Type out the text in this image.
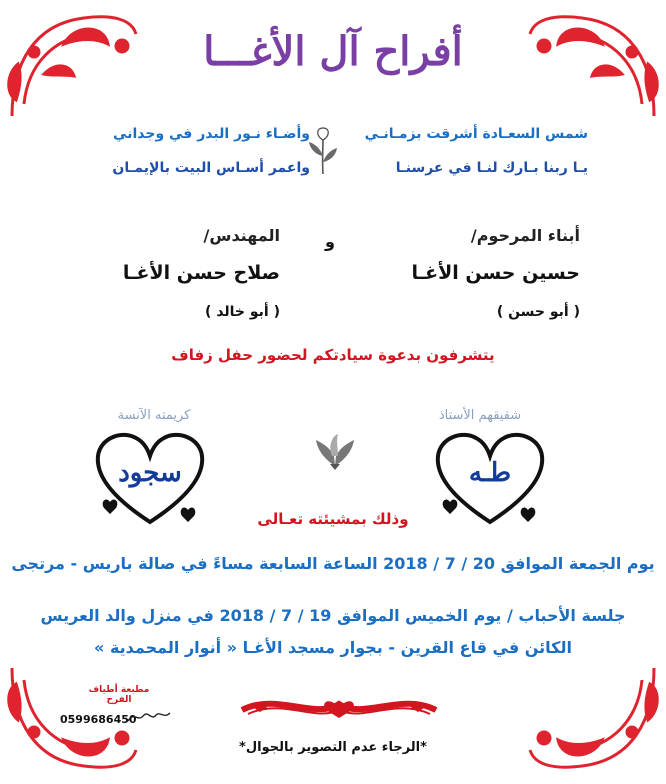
أفراح آل الأغـــا
شمس السعـادة أشرقت بزمـانـي
وأضـاء نـور البدر في وجداني
يـا ربنا بـارك لنـا في عرسنـا
واعمر أسـاس البيت بالإيمـان
أبناء المرحوم/
حسين حسن الأغـا
( أبو حسن )
و
المهندس/
صلاح حسن الأغـا
( أبو خالد )
يتشرفون بدعوة سيادتكم لحضور حفل زفاف
شقيقهم الأستاذ
طـه
كريمته الآنسة
سجود
وذلك بمشيئته تعـالى
يوم الجمعة الموافق 20 / 7 / 2018 الساعة السابعة مساءً في صالة باريس - مرتجى
جلسة الأحباب / يوم الخميس الموافق 19 / 7 / 2018 في منزل والد العريس
الكائن في قاع القرين - بجوار مسجد الأغـا « أنوار المحمدية »
مطبعة أطياف الفرح
0599686450
*الرجاء عدم التصوير بالجوال*
